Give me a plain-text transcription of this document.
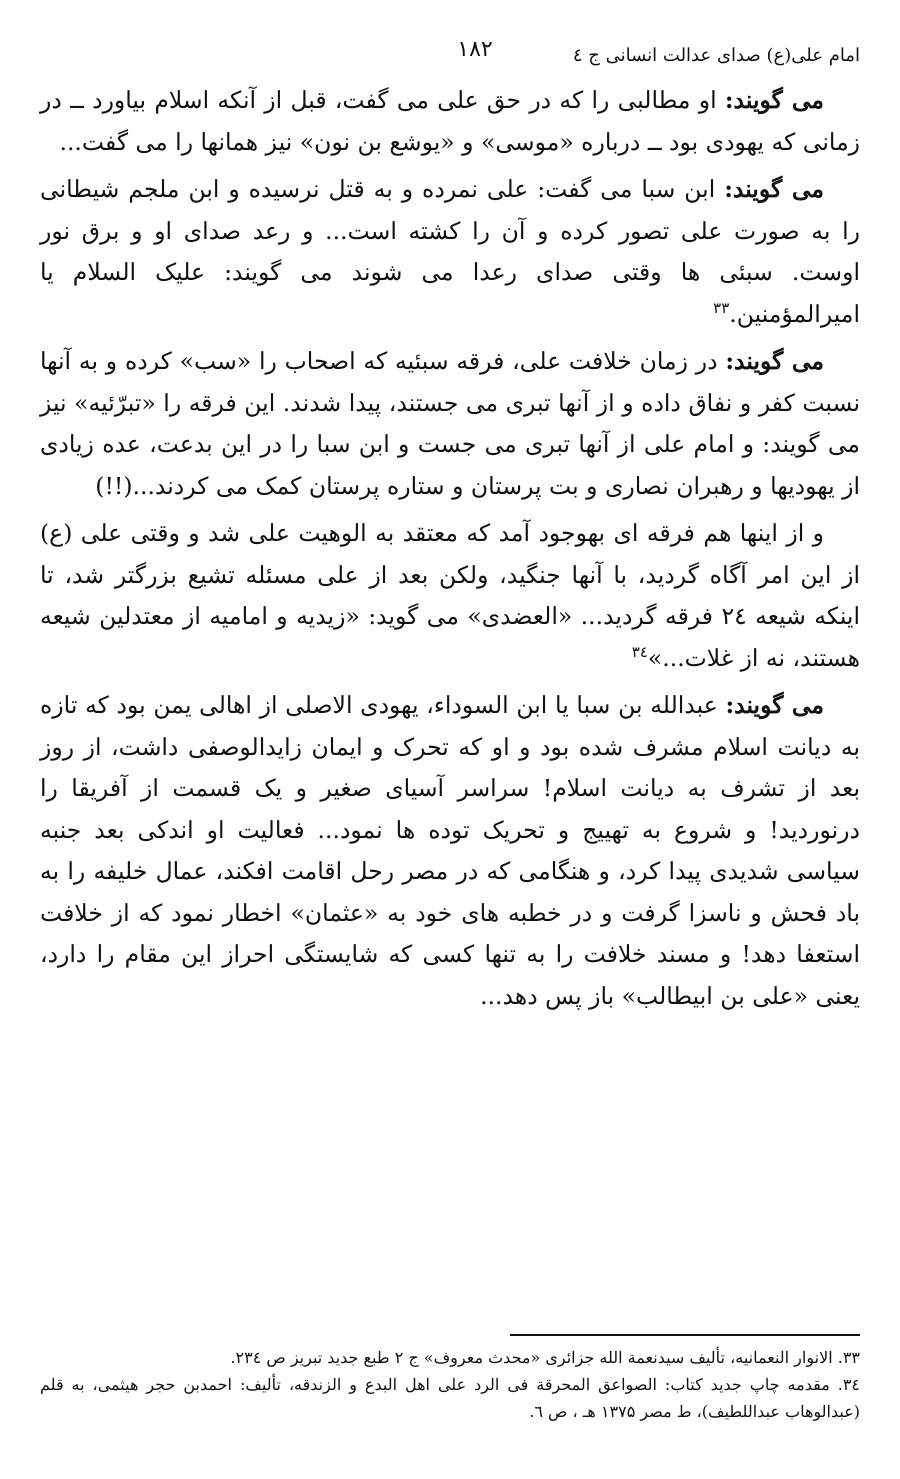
امام علی(ع) صدای عدالت انسانی ج ٤
۱۸۲

می گویند: او مطالبی را که در حق علی می گفت، قبل از آنکه اسلام بیاورد ــ در زمانی که یهودی بود ــ درباره «موسی» و «یوشع بن نون» نیز همانها را می گفت...

می گویند: ابن سبا می گفت: علی نمرده و به قتل نرسیده و ابن ملجم شیطانی را به صورت علی تصور کرده و آن را کشته است... و رعد صدای او و برق نور اوست. سبئی ها وقتی صدای رعدا می شوند می گویند: علیک السلام یا امیرالمؤمنین.$^{۳۳}$

می گویند: در زمان خلافت علی، فرقه سبئیه که اصحاب را «سب» کرده و به آنها نسبت کفر و نفاق داده و از آنها تبری می جستند، پیدا شدند. این فرقه را «تبرّئیه» نیز می گویند: و امام علی از آنها تبری می جست و ابن سبا را در این بدعت، عده زیادی از یهودیها و رهبران نصاری و بت پرستان و ستاره پرستان کمک می کردند...(!!)

و از اینها هم فرقه ای بهوجود آمد که معتقد به الوهیت علی شد و وقتی علی (ع) از این امر آگاه گردید، با آنها جنگید، ولکن بعد از علی مسئله تشیع بزرگتر شد، تا اینکه شیعه ۲٤ فرقه گردید... «العضدی» می گوید: «زیدیه و امامیه از معتدلین شیعه هستند، نه از غلات...»$^{۳٤}$

می گویند: عبدالله بن سبا یا ابن السوداء، یهودی الاصلی از اهالی یمن بود که تازه به دیانت اسلام مشرف شده بود و او که تحرک و ایمان زایدالوصفی داشت، از روز بعد از تشرف به دیانت اسلام! سراسر آسیای صغیر و یک قسمت از آفریقا را درنوردید! و شروع به تهییج و تحریک توده ها نمود... فعالیت او اندکی بعد جنبه سیاسی شدیدی پیدا کرد، و هنگامی که در مصر رحل اقامت افکند، عمال خلیفه را به باد فحش و ناسزا گرفت و در خطبه های خود به «عثمان» اخطار نمود که از خلافت استعفا دهد! و مسند خلافت را به تنها کسی که شایستگی احراز این مقام را دارد، یعنی «علی بن ابیطالب» باز پس دهد...

۳۳. الانوار النعمانیه، تألیف سیدنعمة الله جزائری «محدث معروف» ج ۲ طبع جدید تبریز ص ۲۳٤.

۳٤. مقدمه چاپ جدید کتاب: الصواعق المحرقة فی الرد علی اهل البدع و الزندقه، تألیف: احمدبن حجر هیثمی، به قلم (عبدالوهاب عبداللطیف)، ط مصر ۱۳۷۵ هـ ، ص ٦.
